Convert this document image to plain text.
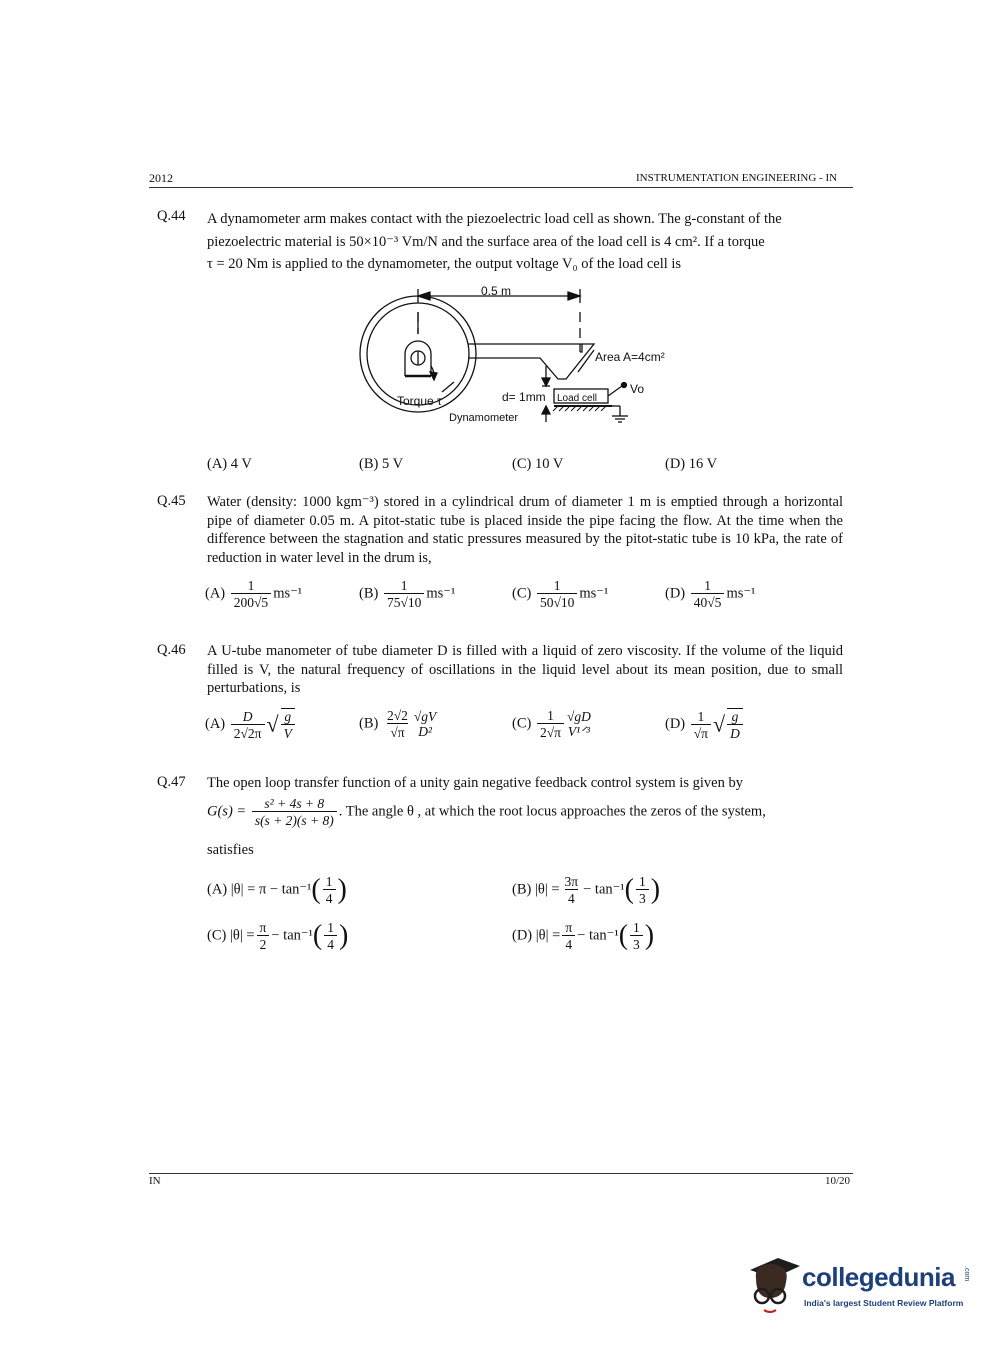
2012	INSTRUMENTATION ENGINEERING - IN
Q.44 A dynamometer arm makes contact with the piezoelectric load cell as shown. The g-constant of the
piezoelectric material is 50×10⁻³ Vm/N and the surface area of the load cell is 4 cm². If a torque
τ = 20 Nm is applied to the dynamometer, the output voltage V₀ of the load cell is
0.5 m
Area A=4cm²
Vo
Torque τ	d= 1mm Load cell
Dynamometer
(A) 4 V	(B) 5 V	(C) 10 V	(D) 16 V
Q.45 Water (density: 1000 kgm⁻³) stored in a cylindrical drum of diameter 1 m is emptied through a horizontal pipe of diameter 0.05 m. A pitot-static tube is placed inside the pipe facing the flow. At the time when the difference between the stagnation and static pressures measured by the pitot-static tube is 10 kPa, the rate of reduction in water level in the drum is,
$(A) \frac{1}{200√5} ms^{-1}$	$(B) \frac{1}{75√10} ms^{-1}$	$(C) \frac{1}{50√10} ms^{-1}$	$(D) \frac{1}{40√5} ms^{-1}$
Q.46 A U-tube manometer of tube diameter D is filled with a liquid of zero viscosity. If the volume of the liquid filled is V, the natural frequency of oscillations in the liquid level about its mean position, due to small perturbations, is
$(A) \frac{D}{2√2\pi}$ √ $\frac{g}{V}$	$(B) \frac{2√2}{√\pi} √gV$
D²
$(C) \frac{1}{2√\pi} √gD$
V¹ᐟ³	$(D) \frac{1}{√\pi}$ √ $\frac{g}{D}$
Q.47 The open loop transfer function of a unity gain negative feedback control system is given by
$G(s) = \frac{\text{s² + 4s + 8}}{s(s + 2)(s + 8)}$ . The angle θ , at which the root locus approaches the zeros of the system,
satisfies
(A) $|\theta| = \pi - \tan^{-1}( \frac{1}{4}$ )	(B) $|\theta| = \frac{3\pi}{4} - \tan^{-1}( \frac{1}{3}$ )
(C) $|\theta| = \frac{\pi}{2} - \tan^{-1}( \frac{1}{4}$ )	(D) $|\theta| = \frac{\pi}{4} - \tan^{-1}( \frac{1}{3}$ )
IN	10/20
collegedunia .com
India's largest Student Review Platform
